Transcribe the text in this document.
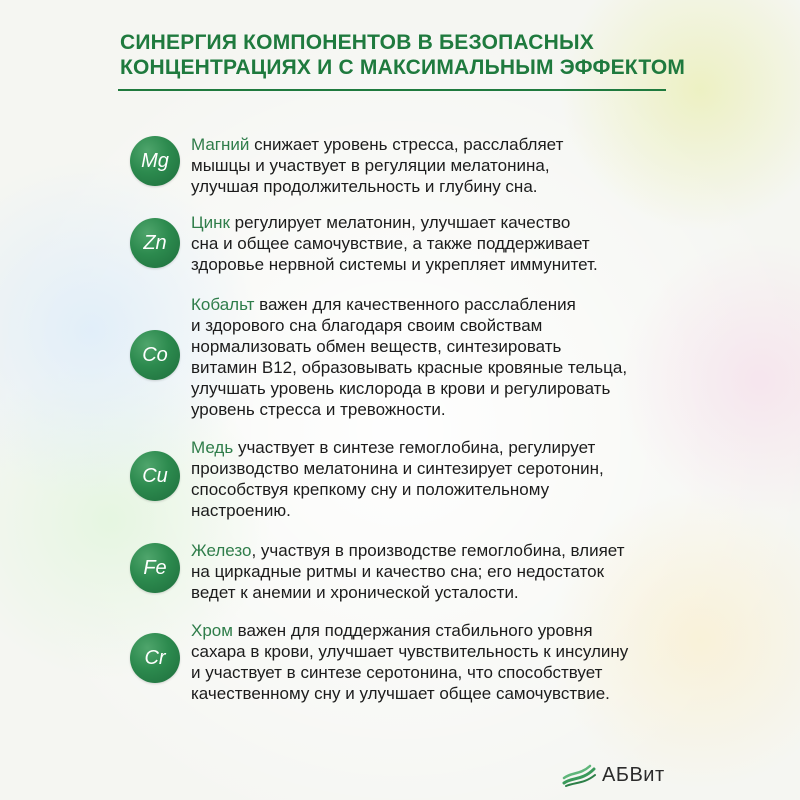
СИНЕРГИЯ КОМПОНЕНТОВ В БЕЗОПАСНЫХ
КОНЦЕНТРАЦИЯХ И С МАКСИМАЛЬНЫМ ЭФФЕКТОМ
Mg
Магний снижает уровень стресса, расслабляет
мышцы и участвует в регуляции мелатонина,
улучшая продолжительность и глубину сна.
Zn
Цинк регулирует мелатонин, улучшает качество
сна и общее самочувствие, а также поддерживает
здоровье нервной системы и укрепляет иммунитет.
Co
Кобальт важен для качественного расслабления
и здорового сна благодаря своим свойствам
нормализовать обмен веществ, синтезировать
витамин B12, образовывать красные кровяные тельца,
улучшать уровень кислорода в крови и регулировать
уровень стресса и тревожности.
Cu
Медь участвует в синтезе гемоглобина, регулирует
производство мелатонина и синтезирует серотонин,
способствуя крепкому сну и положительному
настроению.
Fe
Железо, участвуя в производстве гемоглобина, влияет
на циркадные ритмы и качество сна; его недостаток
ведет к анемии и хронической усталости.
Cr
Хром важен для поддержания стабильного уровня
сахара в крови, улучшает чувствительность к инсулину
и участвует в синтезе серотонина, что способствует
качественному сну и улучшает общее самочувствие.
АБВит
